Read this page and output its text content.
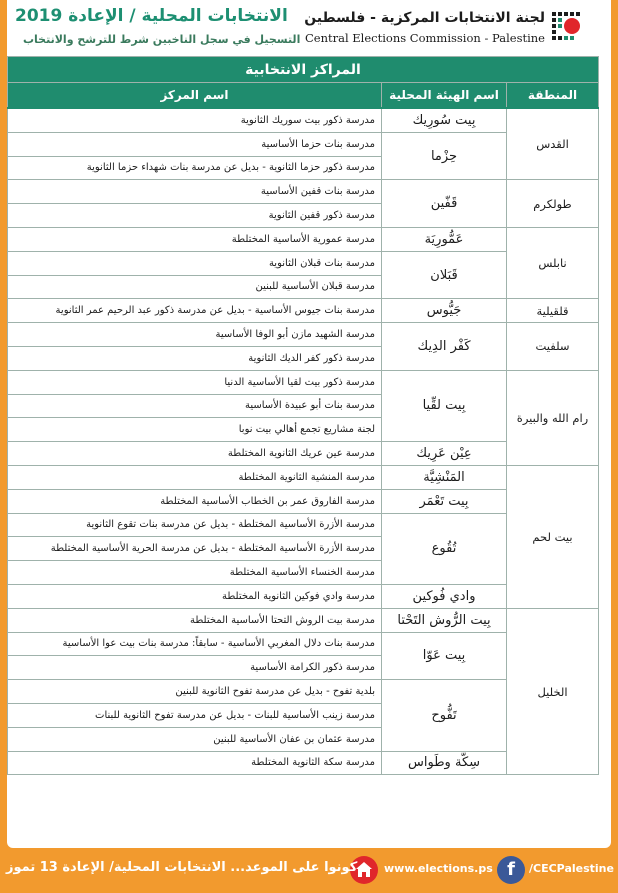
لجنة الانتخابات المركزية - فلسطين
Central Elections Commission - Palestine
الانتخابات المحلية / الإعادة 2019
التسجيل في سجل الناخبين شرط للترشح والانتخاب
المراكز الانتخابية		
المنطقة	اسم الهيئة المحلية	اسم المركز
القدس	بِيت سُورِيك	مدرسة ذكور بيت سوريك الثانوية
	حِزْما	مدرسة بنات حزما الأساسية
		مدرسة ذكور حزما الثانوية - بديل عن مدرسة بنات شهداء حزما الثانوية
طولكرم	قَفّين	مدرسة بنات قفين الأساسية
		مدرسة ذكور قفين الثانوية
نابلس	عَمُّورِيَة	مدرسة عمورية الأساسية المختلطة
	قَبَلان	مدرسة بنات قبلان الثانوية
		مدرسة قبلان الأساسية للبنين
قلقيلية	جَيُّوس	مدرسة بنات جيوس الأساسية - بديل عن مدرسة ذكور عبد الرحيم عمر الثانوية
سلفيت	كَفْر الدِيك	مدرسة الشهيد مازن أبو الوفا الأساسية
		مدرسة ذكور كفر الديك الثانوية
رام الله والبيرة	بِيت لقِّيا	مدرسة ذكور بيت لقيا الأساسية الدنيا
		مدرسة بنات أبو عبيدة الأساسية
		لجنة مشاريع تجمع أهالي بيت نوبا
	عِيْن عَرِيك	مدرسة عين عريك الثانوية المختلطة
بيت لحم	المَنْشِيَّة	مدرسة المنشية الثانوية المختلطة
	بِيت تَعْمَر	مدرسة الفاروق عمر بن الخطاب الأساسية المختلطة
	تُقُوع	مدرسة الأزرة الأساسية المختلطة - بديل عن مدرسة بنات تقوع الثانوية
		مدرسة الأزرة الأساسية المختلطة - بديل عن مدرسة الحرية الأساسية المختلطة
		مدرسة الخنساء الأساسية المختلطة
	وادي فُوكين	مدرسة وادي فوكين الثانوية المختلطة
الخليل	بِيت الرُّوش التَحْتا	مدرسة بيت الروش التحتا الأساسية المختلطة
	بِيت عَوّا	مدرسة بنات دلال المغربي الأساسية - سابقاً: مدرسة بنات بيت عوا الأساسية
		مدرسة ذكور الكرامة الأساسية
	تَفُّوح	بلدية تفوح - بديل عن مدرسة تفوح الثانوية للبنين
		مدرسة زينب الأساسية للبنات - بديل عن مدرسة تفوح الثانوية للبنات
		مدرسة عثمان بن عفان الأساسية للبنين
	سِكَّة وطَواس	مدرسة سكة الثانوية المختلطة
f	/CECPalestine
www.elections.ps
كونوا على الموعد... الانتخابات المحلية/ الإعادة 13 تموز
